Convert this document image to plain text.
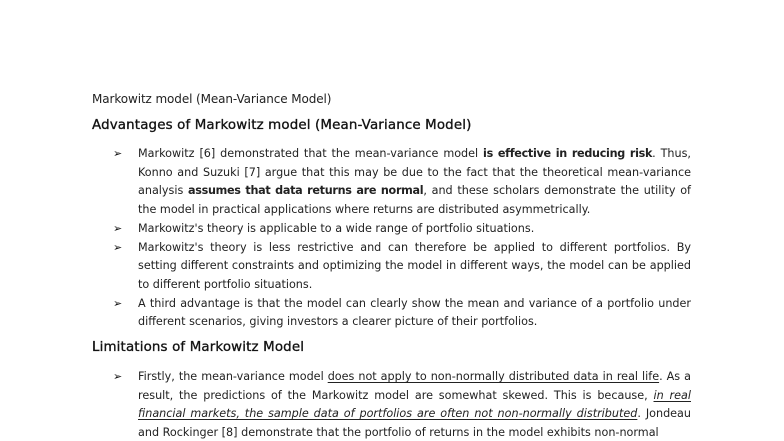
Markowitz model (Mean-Variance Model)
Advantages of Markowitz model (Mean-Variance Model)
➢ Markowitz [6] demonstrated that the mean-variance model is effective in reducing risk. Thus, Konno and Suzuki [7] argue that this may be due to the fact that the theoretical mean-variance analysis assumes that data returns are normal, and these scholars demonstrate the utility of the model in practical applications where returns are distributed asymmetrically.
➢ Markowitz's theory is applicable to a wide range of portfolio situations.
➢ Markowitz's theory is less restrictive and can therefore be applied to different portfolios. By setting different constraints and optimizing the model in different ways, the model can be applied to different portfolio situations.
➢ A third advantage is that the model can clearly show the mean and variance of a portfolio under different scenarios, giving investors a clearer picture of their portfolios.
Limitations of Markowitz Model
➢ Firstly, the mean-variance model does not apply to non-normally distributed data in real life. As a result, the predictions of the Markowitz model are somewhat skewed. This is because, in real financial markets, the sample data of portfolios are often not non-normally distributed. Jondeau and Rockinger [8] demonstrate that the portfolio of returns in the model exhibits non-normal
